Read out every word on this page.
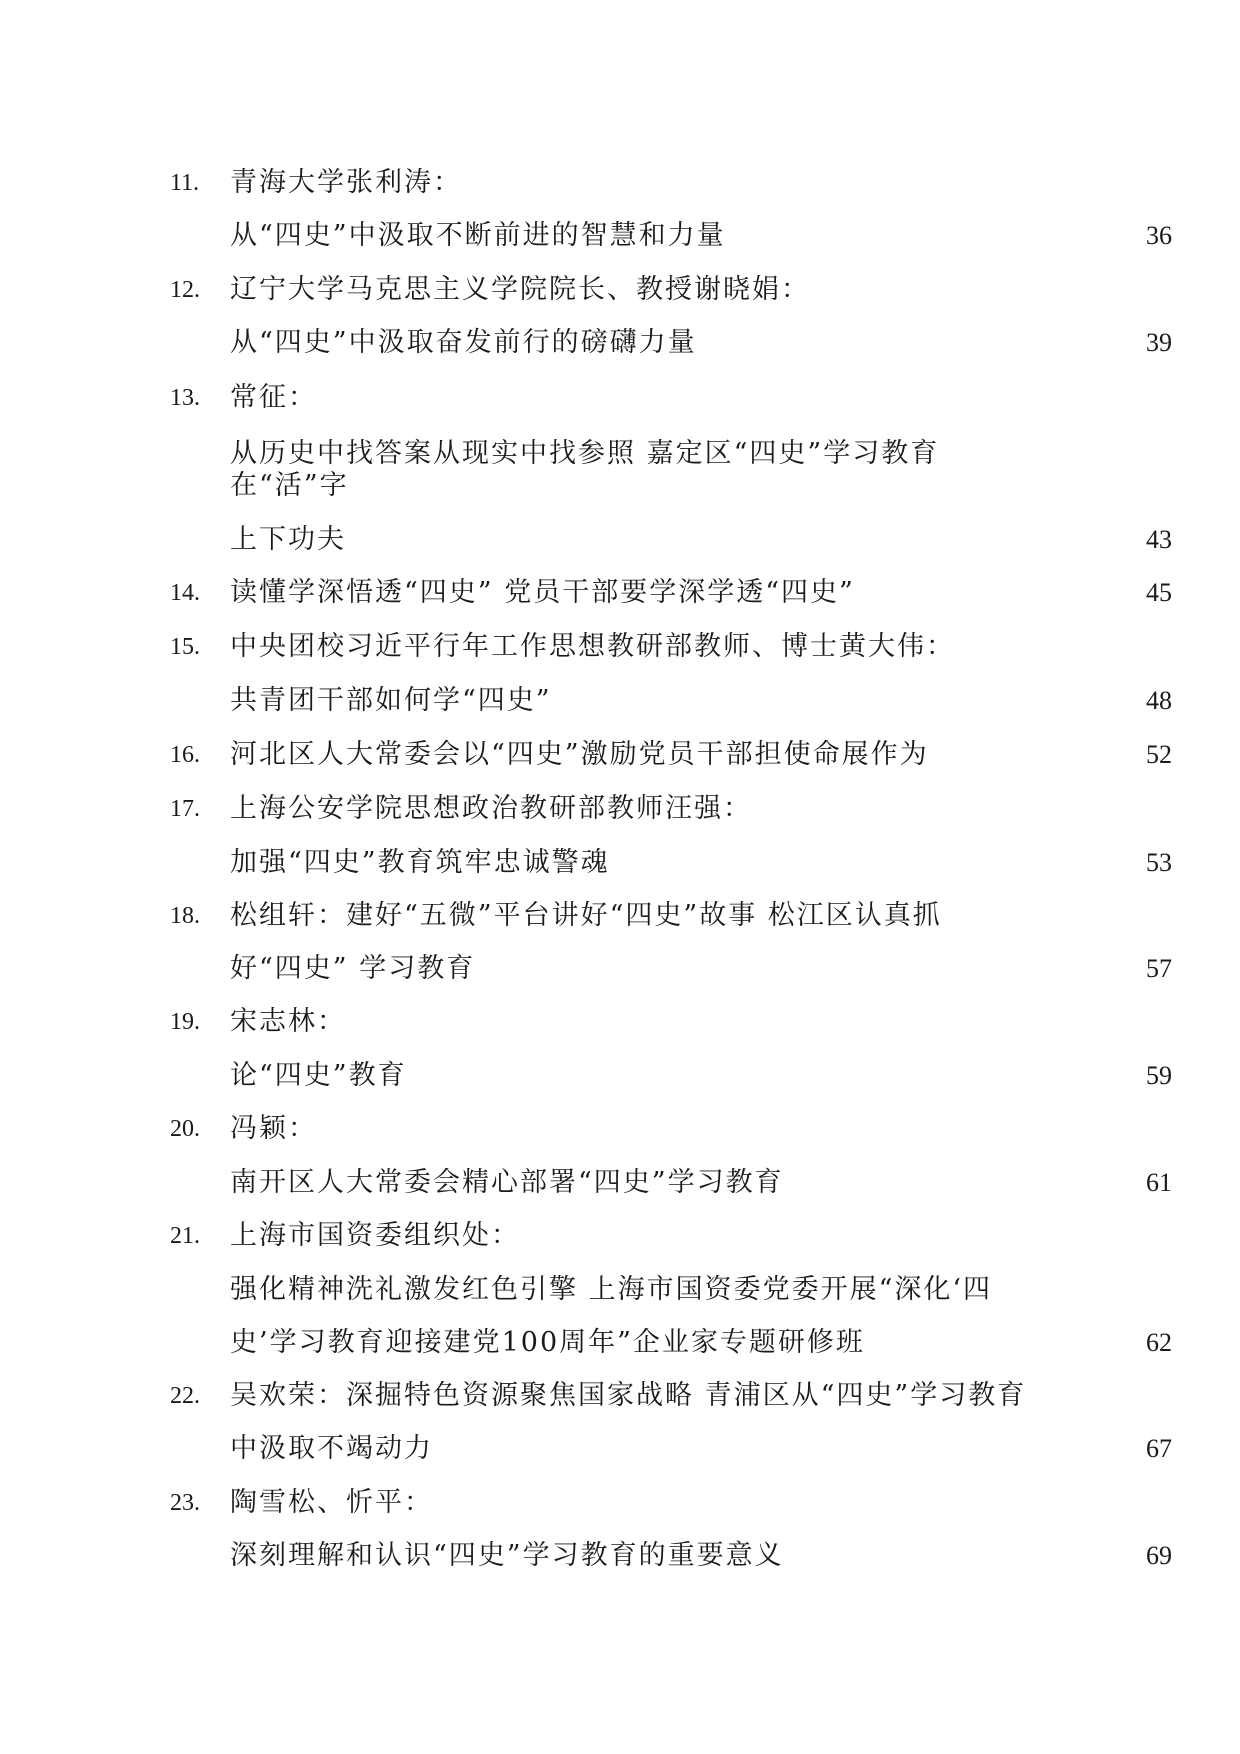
11. 青海大学张利涛：
从“四史”中汲取不断前进的智慧和力量	36
12. 辽宁大学马克思主义学院院长、教授谢晓娟：
从“四史”中汲取奋发前行的磅礴力量	39
13. 常征：
从历史中找答案从现实中找参照 嘉定区“四史”学习教育
在“活”字
上下功夫	43
14. 读懂学深悟透“四史” 党员干部要学深学透“四史”	45
15. 中央团校习近平行年工作思想教研部教师、博士黄大伟：
共青团干部如何学“四史”	48
16. 河北区人大常委会以“四史”激励党员干部担使命展作为	52
17. 上海公安学院思想政治教研部教师汪强：
加强“四史”教育筑牢忠诚警魂	53
18. 松组轩：建好“五微”平台讲好“四史”故事 松江区认真抓
好“四史” 学习教育	57
19. 宋志林：
论“四史”教育	59
20. 冯颖：
南开区人大常委会精心部署“四史”学习教育	61
21. 上海市国资委组织处：
强化精神洗礼激发红色引擎 上海市国资委党委开展“深化‘四
史’学习教育迎接建党100周年”企业家专题研修班	62
22. 吴欢荣：深掘特色资源聚焦国家战略 青浦区从“四史”学习教育
中汲取不竭动力	67
23. 陶雪松、忻平：
深刻理解和认识“四史”学习教育的重要意义	69
